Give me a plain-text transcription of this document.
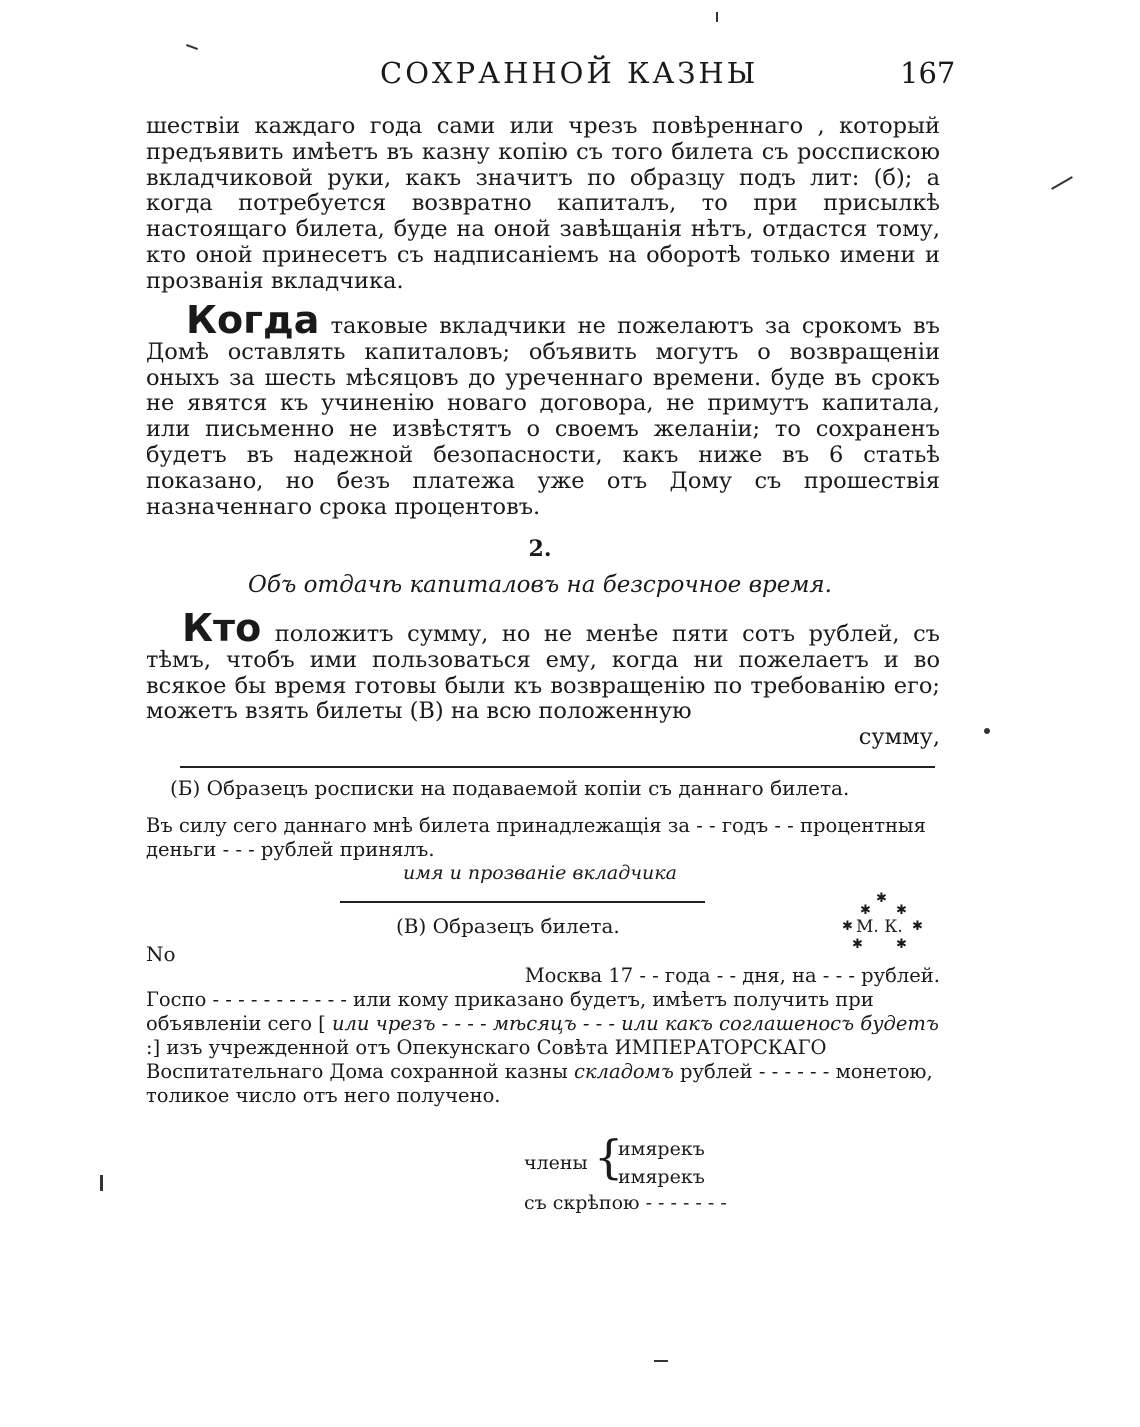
СОХРАННОЙ КАЗНЫ	167

шествіи каждаго года сами или чрезъ повѣреннаго , который предъявить имѣетъ въ казну копію съ того билета съ росспискою вкладчиковой руки, какъ значитъ по образцу подъ лит: (б); а когда потребуется возвратно капиталъ, то при присылкѣ настоящаго билета, буде на оной завѣщанія нѣтъ, отдастся тому, кто оной принесетъ съ надписаніемъ на оборотѣ только имени и прозванія вкладчика.

Когда таковые вкладчики не пожелаютъ за срокомъ въ Домѣ оставлять капиталовъ; объявить могутъ о возвращеніи оныхъ за шесть мѣсяцовъ до уреченнаго времени. буде въ срокъ не явятся къ учиненію новаго договора, не примутъ капитала, или письменно не извѣстятъ о своемъ желаніи; то сохраненъ будетъ въ надежной безопасности, какъ ниже въ 6 статьѣ показано, но безъ платежа уже отъ Дому съ прошествія назначеннаго срока процентовъ.

2.
Объ отдачѣ капиталовъ на безсрочное время.

Кто положитъ сумму, но не менѣе пяти сотъ рублей, съ тѣмъ, чтобъ ими пользоваться ему, когда ни пожелаетъ и во всякое бы время готовы были къ возвращенію по требованію его; можетъ взять билеты (В) на всю положенную
сумму,

(Б) Образецъ росписки на подаваемой копіи съ даннаго билета.

Въ силу сего даннаго мнѣ билета принадлежащія за - - годъ - - процентныя деньги - - - рублей принялъ.

имя и прозваніе вкладчика
(В) Образецъ билета.
✱
✱ ✱
✱ М. К. ✱
✱	✱
No

Москва 17 - - года - - дня, на - - - рублей.
Госпо - - - - - - - - - - - или кому приказано будетъ, имѣетъ получить при объявленіи сего [ или чрезъ - - - - мѣсяцъ - - - или какъ соглашеносъ будетъ :] изъ учрежденной отъ Опекунскаго Совѣта ИМПЕРАТОРСКАГО Воспитательнаго Дома сохранной казны складомъ рублей - - - - - - монетою, толикое число отъ него получено.

члены {
имярекъ
имярекъ
съ скрѣпою - - - - - - -
